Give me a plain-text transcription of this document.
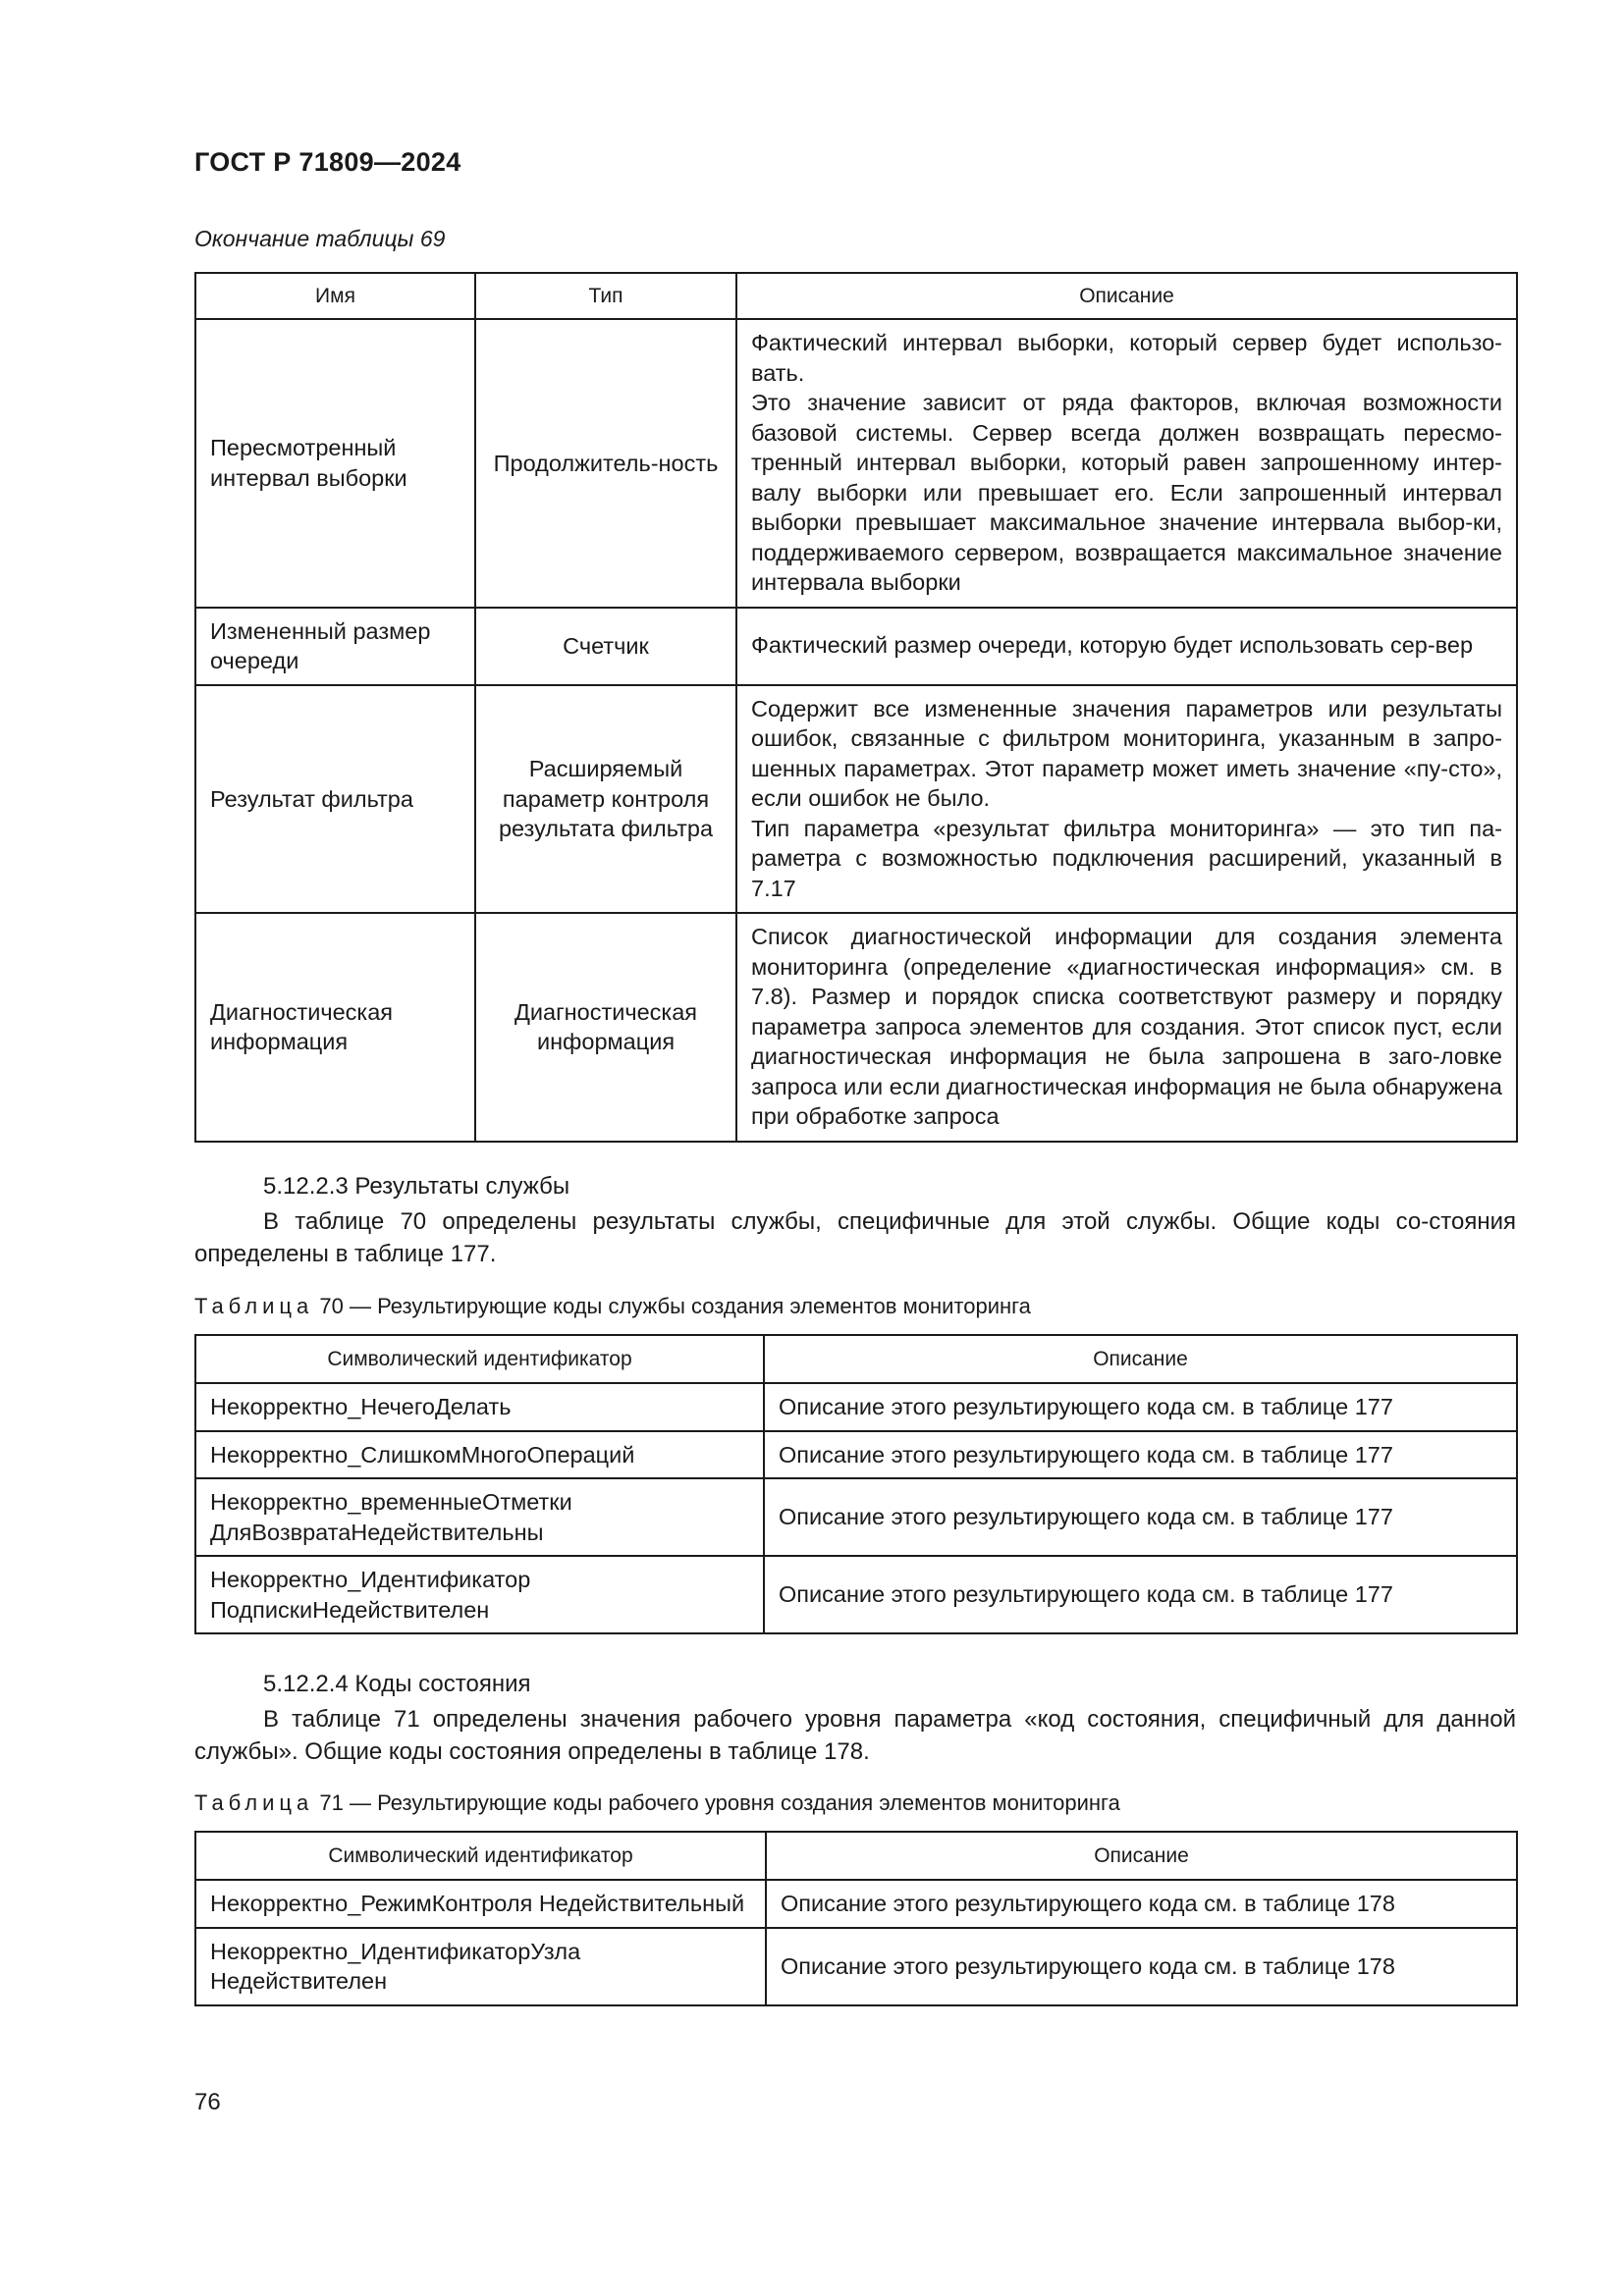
ГОСТ Р 71809—2024
Окончание таблицы 69
Имя	Тип	Описание
Пересмотренный интервал выборки	Продолжитель-ность	Фактический интервал выборки, который сервер будет использо-вать.
Это значение зависит от ряда факторов, включая возможности базовой системы. Сервер всегда должен возвращать пересмо-тренный интервал выборки, который равен запрошенному интер-валу выборки или превышает его. Если запрошенный интервал выборки превышает максимальное значение интервала выбор-ки, поддерживаемого сервером, возвращается максимальное значение интервала выборки

Измененный размер очереди	Счетчик	Фактический размер очереди, которую будет использовать сер-вер

Результат фильтра	Расширяемый параметр контроля результата фильтра	Содержит все измененные значения параметров или результаты ошибок, связанные с фильтром мониторинга, указанным в запро-шенных параметрах. Этот параметр может иметь значение «пу-сто», если ошибок не было.
Тип параметра «результат фильтра мониторинга» — это тип па-раметра с возможностью подключения расширений, указанный в 7.17

Диагностическая информация	Диагностическая информация	Список диагностической информации для создания элемента мониторинга (определение «диагностическая информация» см. в 7.8). Размер и порядок списка соответствуют размеру и порядку параметра запроса элементов для создания. Этот список пуст, если диагностическая информация не была запрошена в заго-ловке запроса или если диагностическая информация не была обнаружена при обработке запроса
5.12.2.3 Результаты службы
В таблице 70 определены результаты службы, специфичные для этой службы. Общие коды со-стояния определены в таблице 177.
Таблица 70 — Результирующие коды службы создания элементов мониторинга
Символический идентификатор	Описание
Некорректно_НечегоДелать	Описание этого результирующего кода см. в таблице 177
Некорректно_СлишкомМногоОпераций	Описание этого результирующего кода см. в таблице 177
Некорректно_временныеОтметки ДляВозвратаНедействительны	Описание этого результирующего кода см. в таблице 177
Некорректно_Идентификатор ПодпискиНедействителен	Описание этого результирующего кода см. в таблице 177
5.12.2.4 Коды состояния
В таблице 71 определены значения рабочего уровня параметра «код состояния, специфичный для данной службы». Общие коды состояния определены в таблице 178.
Таблица 71 — Результирующие коды рабочего уровня создания элементов мониторинга
Символический идентификатор	Описание
Некорректно_РежимКонтроля Недействительный	Описание этого результирующего кода см. в таблице 178
Некорректно_ИдентификаторУзла Недействителен	Описание этого результирующего кода см. в таблице 178
76
